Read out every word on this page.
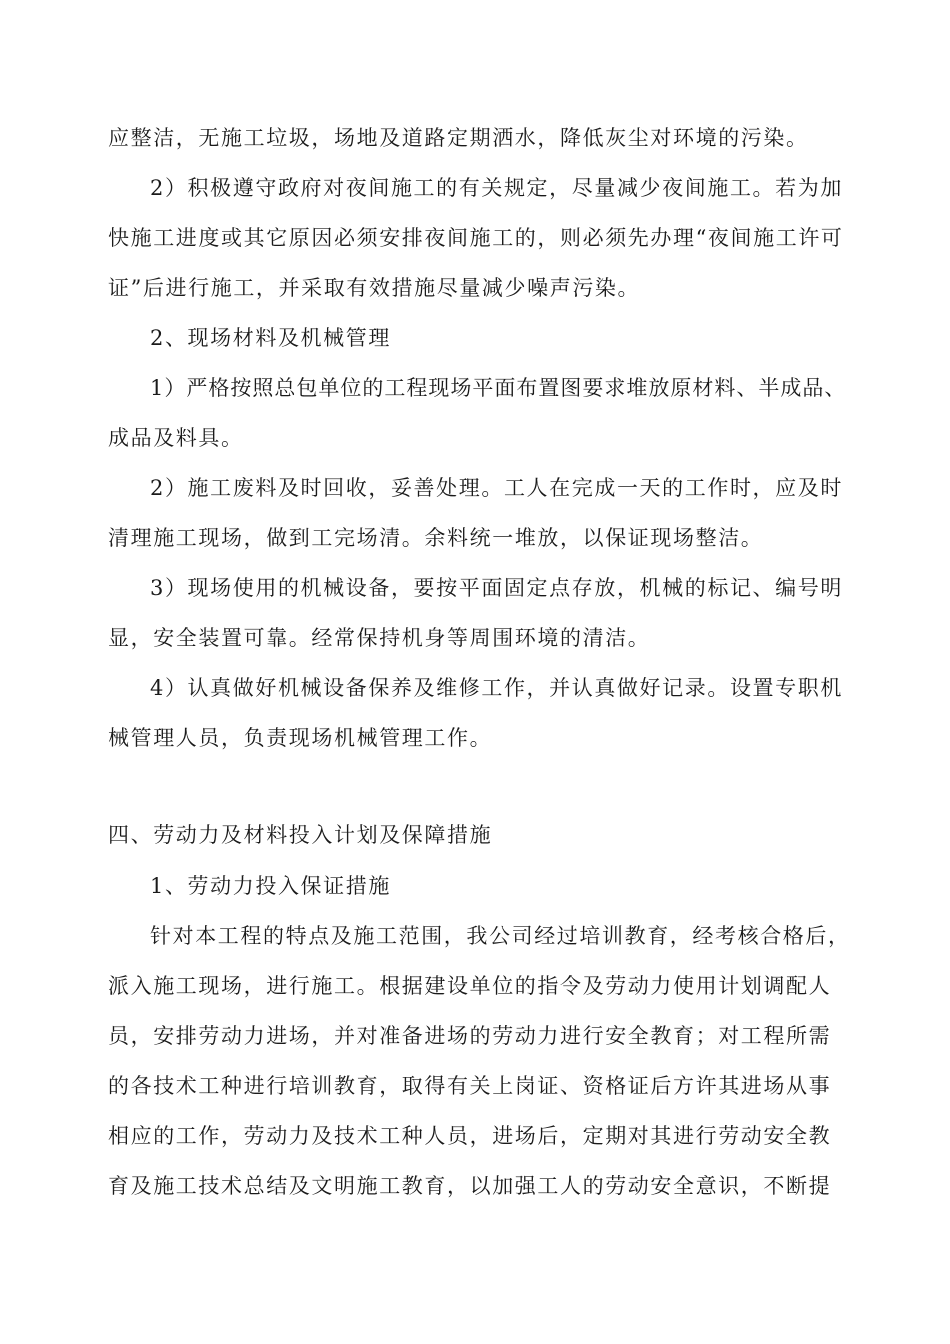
应整洁，无施工垃圾，场地及道路定期洒水，降低灰尘对环境的污染。
2）积极遵守政府对夜间施工的有关规定，尽量减少夜间施工。若为加
快施工进度或其它原因必须安排夜间施工的，则必须先办理“夜间施工许可
证”后进行施工，并采取有效措施尽量减少噪声污染。
2、现场材料及机械管理
1）严格按照总包单位的工程现场平面布置图要求堆放原材料、半成品、
成品及料具。
2）施工废料及时回收，妥善处理。工人在完成一天的工作时，应及时
清理施工现场，做到工完场清。余料统一堆放，以保证现场整洁。
3）现场使用的机械设备，要按平面固定点存放，机械的标记、编号明
显，安全装置可靠。经常保持机身等周围环境的清洁。
4）认真做好机械设备保养及维修工作，并认真做好记录。设置专职机
械管理人员，负责现场机械管理工作。
四、劳动力及材料投入计划及保障措施
1、劳动力投入保证措施
针对本工程的特点及施工范围，我公司经过培训教育，经考核合格后，
派入施工现场，进行施工。根据建设单位的指令及劳动力使用计划调配人
员，安排劳动力进场，并对准备进场的劳动力进行安全教育；对工程所需
的各技术工种进行培训教育，取得有关上岗证、资格证后方许其进场从事
相应的工作，劳动力及技术工种人员，进场后，定期对其进行劳动安全教
育及施工技术总结及文明施工教育，以加强工人的劳动安全意识，不断提
